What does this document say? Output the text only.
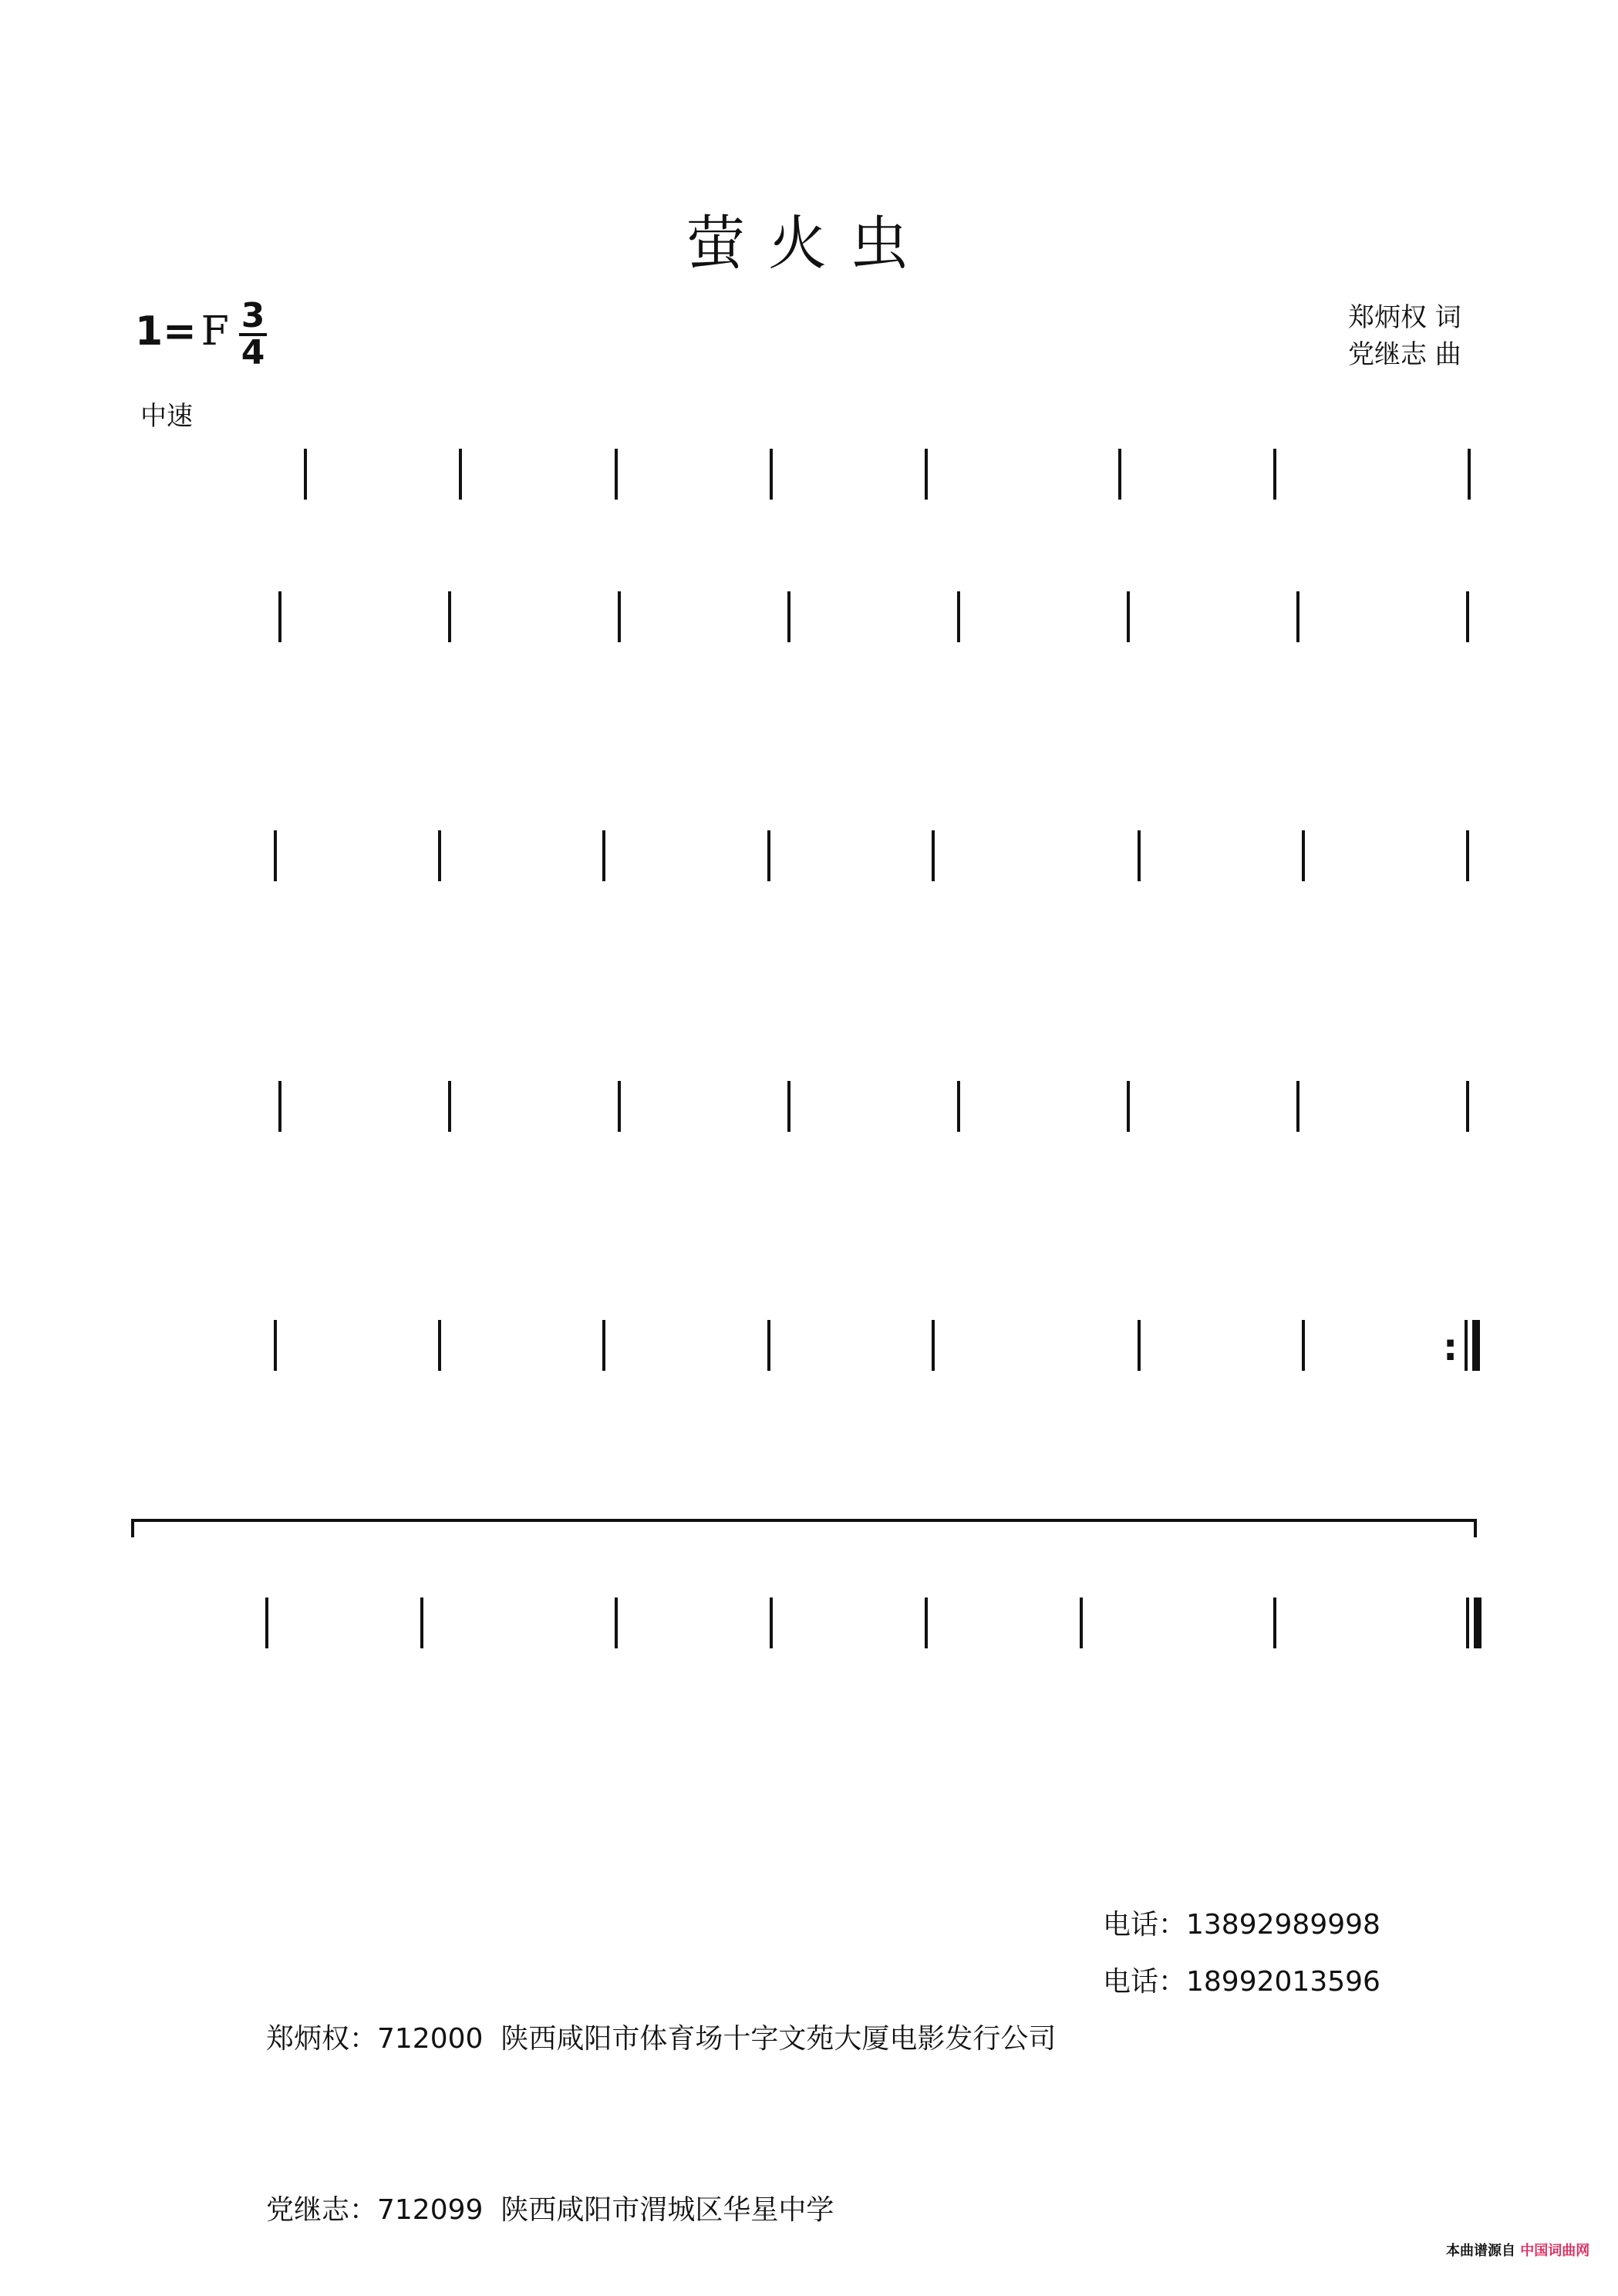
萤火虫
1= F 3
4
郑炳权 词
党继志 曲
中速
:

郑炳权：712000  陕西咸阳市体育场十字文苑大厦电影发行公司

党继志：712099  陕西咸阳市渭城区华星中学

电话：13892989998
电话：18992013596
本曲谱源自 中国词曲网
